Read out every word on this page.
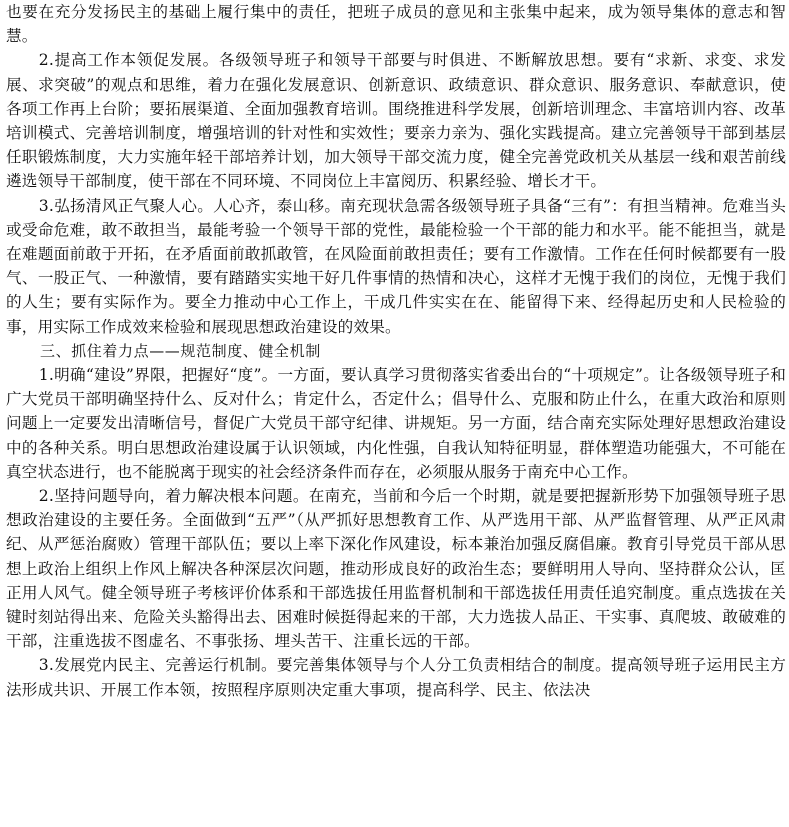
也要在充分发扬民主的基础上履行集中的责任，把班子成员的意见和主张集中起来，成为领导集体的意志和智慧。

2.提高工作本领促发展。各级领导班子和领导干部要与时俱进、不断解放思想。要有“求新、求变、求发展、求突破”的观点和思维，着力在强化发展意识、创新意识、政绩意识、群众意识、服务意识、奉献意识，使各项工作再上台阶；要拓展渠道、全面加强教育培训。围绕推进科学发展，创新培训理念、丰富培训内容、改革培训模式、完善培训制度，增强培训的针对性和实效性；要亲力亲为、强化实践提高。建立完善领导干部到基层任职锻炼制度，大力实施年轻干部培养计划，加大领导干部交流力度，健全完善党政机关从基层一线和艰苦前线遴选领导干部制度，使干部在不同环境、不同岗位上丰富阅历、积累经验、增长才干。

3.弘扬清风正气聚人心。人心齐，泰山移。南充现状急需各级领导班子具备“三有”：有担当精神。危难当头或受命危难，敢不敢担当，最能考验一个领导干部的党性，最能检验一个干部的能力和水平。能不能担当，就是在难题面前敢于开拓，在矛盾面前敢抓敢管，在风险面前敢担责任；要有工作激情。工作在任何时候都要有一股气、一股正气、一种激情，要有踏踏实实地干好几件事情的热情和决心，这样才无愧于我们的岗位，无愧于我们的人生；要有实际作为。要全力推动中心工作上，干成几件实实在在、能留得下来、经得起历史和人民检验的事，用实际工作成效来检验和展现思想政治建设的效果。

三、抓住着力点——规范制度、健全机制

1.明确“建设”界限，把握好“度”。一方面，要认真学习贯彻落实省委出台的“十项规定”。让各级领导班子和广大党员干部明确坚持什么、反对什么；肯定什么，否定什么；倡导什么、克服和防止什么，在重大政治和原则问题上一定要发出清晰信号，督促广大党员干部守纪律、讲规矩。另一方面，结合南充实际处理好思想政治建设中的各种关系。明白思想政治建设属于认识领域，内化性强，自我认知特征明显，群体塑造功能强大，不可能在真空状态进行，也不能脱离于现实的社会经济条件而存在，必须服从服务于南充中心工作。

2.坚持问题导向，着力解决根本问题。在南充，当前和今后一个时期，就是要把握新形势下加强领导班子思想政治建设的主要任务。全面做到“五严”（从严抓好思想教育工作、从严选用干部、从严监督管理、从严正风肃纪、从严惩治腐败）管理干部队伍；要以上率下深化作风建设，标本兼治加强反腐倡廉。教育引导党员干部从思想上政治上组织上作风上解决各种深层次问题，推动形成良好的政治生态；要鲜明用人导向、坚持群众公认，匡正用人风气。健全领导班子考核评价体系和干部选拔任用监督机制和干部选拔任用责任追究制度。重点选拔在关键时刻站得出来、危险关头豁得出去、困难时候挺得起来的干部，大力选拔人品正、干实事、真爬坡、敢破难的干部，注重选拔不图虚名、不事张扬、埋头苦干、注重长远的干部。

3.发展党内民主、完善运行机制。要完善集体领导与个人分工负责相结合的制度。提高领导班子运用民主方法形成共识、开展工作本领，按照程序原则决定重大事项，提高科学、民主、依法决
